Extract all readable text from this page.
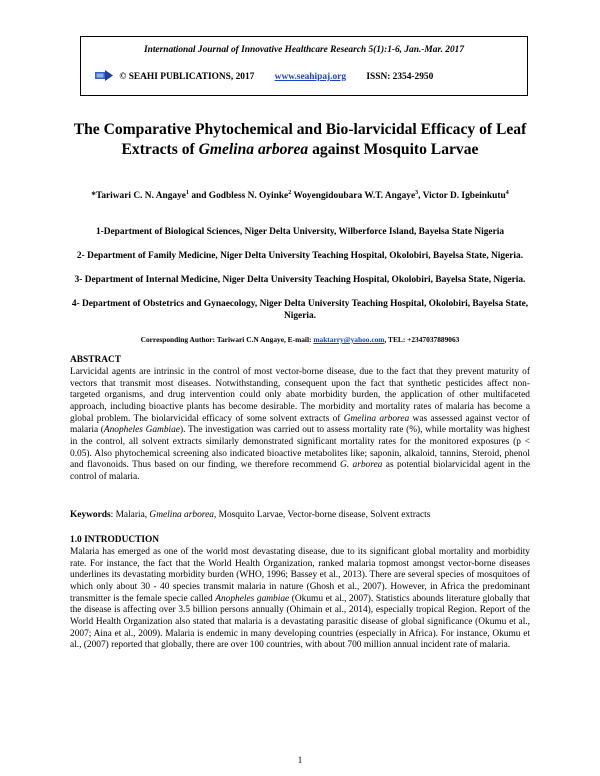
International Journal of Innovative Healthcare Research 5(1):1-6, Jan.-Mar. 2017
© SEAHI PUBLICATIONS, 2017 www.seahipaj.org ISSN: 2354-2950
The Comparative Phytochemical and Bio-larvicidal Efficacy of Leaf Extracts of Gmelina arborea against Mosquito Larvae
*Tariwari C. N. Angaye$^1$ and Godbless N. Oyinke$^2$ Woyengidoubara W.T. Angaye$^3$, Victor D. Igbeinkutu$^4$
1-Department of Biological Sciences, Niger Delta University, Wilberforce Island, Bayelsa State Nigeria
2- Department of Family Medicine, Niger Delta University Teaching Hospital, Okolobiri, Bayelsa State, Nigeria.
3- Department of Internal Medicine, Niger Delta University Teaching Hospital, Okolobiri, Bayelsa State, Nigeria.
4- Department of Obstetrics and Gynaecology, Niger Delta University Teaching Hospital, Okolobiri, Bayelsa State, Nigeria.
Corresponding Author: Tariwari C.N Angaye, E-mail: maktarry@yahoo.com, TEL: +2347037889063
ABSTRACT
Larvicidal agents are intrinsic in the control of most vector-borne disease, due to the fact that they prevent maturity of vectors that transmit most diseases. Notwithstanding, consequent upon the fact that synthetic pesticides affect non-targeted organisms, and drug intervention could only abate morbidity burden, the application of other multifaceted approach, including bioactive plants has become desirable. The morbidity and mortality rates of malaria has become a global problem. The biolarvicidal efficacy of some solvent extracts of Gmelina arborea was assessed against vector of malaria (Anopheles Gambiae). The investigation was carried out to assess mortality rate (%), while mortality was highest in the control, all solvent extracts similarly demonstrated significant mortality rates for the monitored exposures (p < 0.05). Also phytochemical screening also indicated bioactive metabolites like; saponin, alkaloid, tannins, Steroid, phenol and flavonoids. Thus based on our finding, we therefore recommend G. arborea as potential biolarvicidal agent in the control of malaria.
Keywords: Malaria, Gmelina arborea, Mosquito Larvae, Vector-borne disease, Solvent extracts
1.0 INTRODUCTION
Malaria has emerged as one of the world most devastating disease, due to its significant global mortality and morbidity rate. For instance, the fact that the World Health Organization, ranked malaria topmost amongst vector-borne diseases underlines its devastating morbidity burden (WHO, 1996; Bassey et al., 2013). There are several species of mosquitoes of which only about 30 - 40 species transmit malaria in nature (Ghosh et al., 2007). However, in Africa the predominant transmitter is the female specie called Anopheles gambiae (Okumu et al., 2007). Statistics abounds literature globally that the disease is affecting over 3.5 billion persons annually (Ohimain et al., 2014), especially tropical Region. Report of the World Health Organization also stated that malaria is a devastating parasitic disease of global significance (Okumu et al., 2007; Aina et al., 2009). Malaria is endemic in many developing countries (especially in Africa). For instance, Okumu et al., (2007) reported that globally, there are over 100 countries, with about 700 million annual incident rate of malaria.
1
